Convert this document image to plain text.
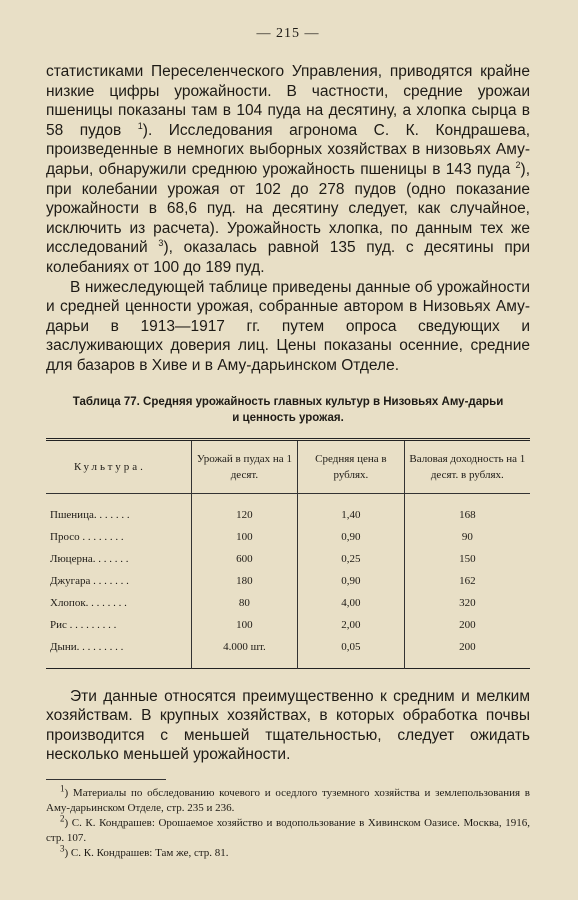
— 215 —

статистиками Переселенческого Управления, приводятся крайне низкие цифры урожайности. В частности, средние урожаи пшеницы показаны там в 104 пуда на десятину, а хлопка сырца в 58 пудов $^1$). Исследования агронома С. К. Кондрашева, произведенные в немногих выборных хозяйствах в низовьях Аму-дарьи, обнаружили среднюю урожайность пшеницы в 143 пуда $^2$), при колебании урожая от 102 до 278 пудов (одно показание урожайности в 68,6 пуд. на десятину следует, как случайное, исключить из расчета). Урожайность хлопка, по данным тех же исследований $^3$), оказалась равной 135 пуд. с десятины при колебаниях от 100 до 189 пуд.

В нижеследующей таблице приведены данные об урожайности и средней ценности урожая, собранные автором в Низовьях Аму-дарьи в 1913—1917 гг. путем опроса сведующих и заслуживающих доверия лиц. Цены показаны осенние, средние для базаров в Хиве и в Аму-дарьинском Отделе.

Таблица 77. Средняя урожайность главных культур в Низовьях Аму-дарьи
и ценность урожая.
Культура.	Урожай в пудах на 1 десят.	Средняя цена в рублях.	Валовая доходность на 1 десят. в рублях.

Пшеница. . . . . . .	120	1,40	168
Просо . . . . . . . .	100	0,90	90
Люцерна. . . . . . .	600	0,25	150
Джугара . . . . . . .	180	0,90	162
Хлопок. . . . . . . .	80	4,00	320
Рис . . . . . . . . .	100	2,00	200
Дыни. . . . . . . . .	4.000 шт.	0,05	200

Эти данные относятся преимущественно к средним и мелким хозяйствам. В крупных хозяйствах, в которых обработка почвы производится с меньшей тщательностью, следует ожидать несколько меньшей урожайности.

$^1$) Материалы по обследованию кочевого и оседлого туземного хозяйства и землепользования в Аму-дарьинском Отделе, стр. 235 и 236.

$^2$) С. К. Кондрашев: Орошаемое хозяйство и водопользование в Хивинском Оазисе. Москва, 1916, стр. 107.

$^3$) С. К. Кондрашев: Там же, стр. 81.
